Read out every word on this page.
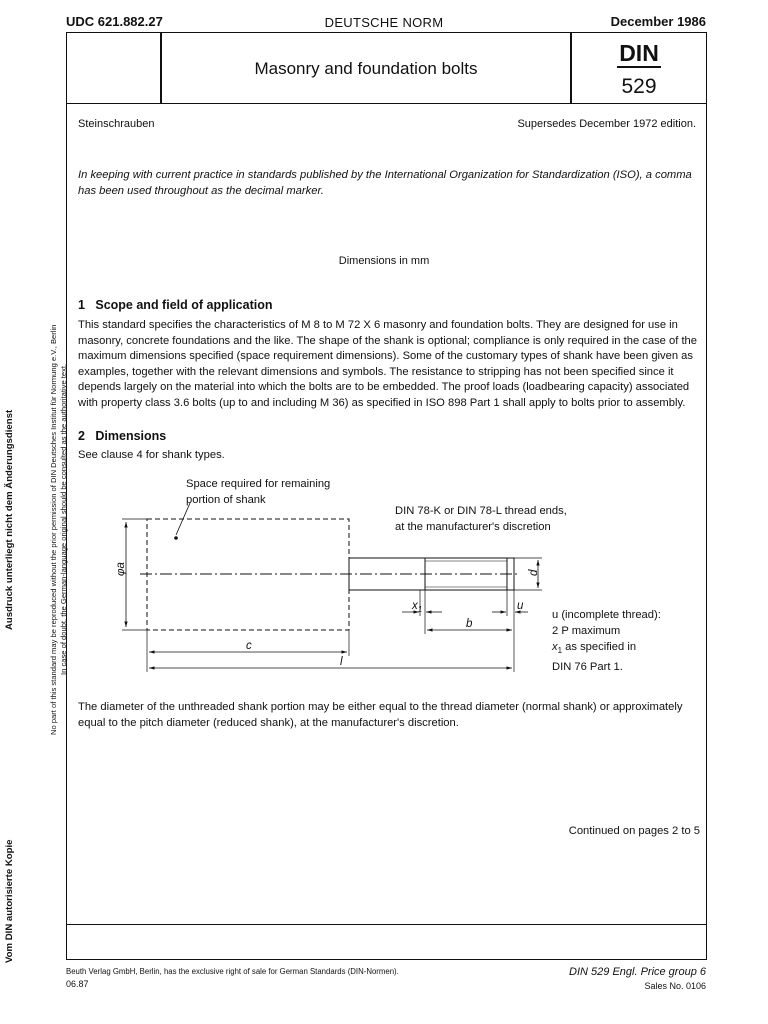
UDC 621.882.27	DEUTSCHE NORM	December 1986
Masonry and foundation bolts
DIN
529
Steinschrauben	Supersedes December 1972 edition.
In keeping with current practice in standards published by the International Organization for Standardization (ISO), a comma has been used throughout as the decimal marker.
Dimensions in mm
1 Scope and field of application
This standard specifies the characteristics of M 8 to M 72 X 6 masonry and foundation bolts. They are designed for use in masonry, concrete foundations and the like. The shape of the shank is optional; compliance is only required in the case of the maximum dimensions specified (space requirement dimensions). Some of the customary types of shank have been given as examples, together with the relevant dimensions and symbols. The resistance to stripping has not been specified since it depends largely on the material into which the bolts are to be embedded. The proof loads (loadbearing capacity) associated with property class 3.6 bolts (up to and including M 36) as specified in ISO 898 Part 1 shall apply to bolts prior to assembly.
2 Dimensions
See clause 4 for shank types.
φa	d
$x_1$	u
b
c
l
Space required for remaining
portion of shank
DIN 78-K or DIN 78-L thread ends,
at the manufacturer's discretion
u (incomplete thread):
2 P maximum
$x_1$ as specified in
DIN 76 Part 1.
The diameter of the unthreaded shank portion may be either equal to the thread diameter (normal shank) or approximately equal to the pitch diameter (reduced shank), at the manufacturer's discretion.
Continued on pages 2 to 5
Beuth Verlag GmbH, Berlin, has the exclusive right of sale for German Standards (DIN-Normen).
06.87
DIN 529 Engl. Price group 6
Sales No. 0106
No part of this standard may be reproduced without the prior permission of DIN Deutsches Institut für Normung e.V., Berlin In case of doubt, the German-language original should be consulted as the authoritative text.
Ausdruck unterliegt nicht dem Änderungsdienst
Vom DIN autorisierte Kopie
